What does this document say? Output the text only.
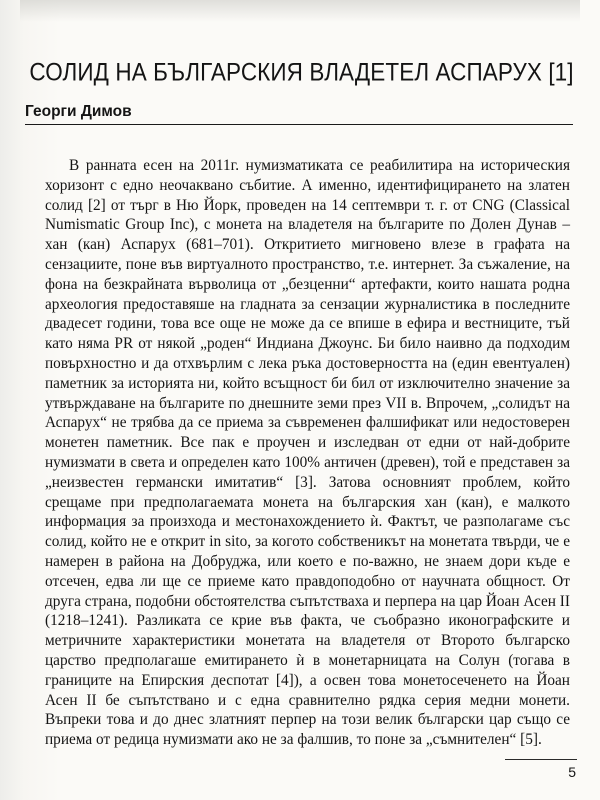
СОЛИД НА БЪЛГАРСКИЯ ВЛАДЕТЕЛ АСПАРУХ [1]
Георги Димов

В ранната есен на 2011г. нумизматиката се реабилитира на историческия хоризонт с едно неочаквано събитие. А именно, идентифицирането на златен солид [2] от търг в Ню Йорк, проведен на 14 септември т. г. от CNG (Classical Numismatic Group Inc), с монета на владетеля на българите по Долен Дунав – хан (кан) Аспарух (681–701). Откритието мигновено влезе в графата на сензациите, поне във виртуалното пространство, т.е. интернет. За съжаление, на фона на безкрайната върволица от „безценни“ артефакти, които нашата родна археология предоставяше на гладната за сензации журналистика в последните двадесет години, това все още не може да се впише в ефира и вестниците, тъй като няма PR от някой „роден“ Индиана Джоунс. Би било наивно да подходим повърхностно и да отхвърлим с лека ръка достоверността на (един евентуален) паметник за историята ни, който всъщност би бил от изключително значение за утвърждаване на българите по днешните земи през VII в. Впрочем, „солидът на Аспарух“ не трябва да се приема за съвременен фалшификат или недостоверен монетен паметник. Все пак е проучен и изследван от едни от най-добрите нумизмати в света и определен като 100% античен (древен), той е представен за „неизвестен германски имитатив“ [3]. Затова основният проблем, който срещаме при предполагаемата монета на българския хан (кан), е малкото информация за произхода и местонахождението ѝ. Фактът, че разполагаме със солид, който не е открит in sito, за когото собственикът на монетата твърди, че е намерен в района на Добруджа, или което е по-важно, не знаем дори къде е отсечен, едва ли ще се приеме като правдоподобно от научната общност. От друга страна, подобни обстоятелства съпътстваха и перпера на цар Йоан Асен II (1218–1241). Разликата се крие във факта, че съобразно иконографските и метричните характеристики монетата на владетеля от Второто българско царство предполагаше емитирането ѝ в монетарницата на Солун (тогава в границите на Епирския деспотат [4]), а освен това монетосеченето на Йоан Асен II бе съпътствано и с една сравнително рядка серия медни монети. Въпреки това и до днес златният перпер на този велик български цар също се приема от редица нумизмати ако не за фалшив, то поне за „съмнителен“ [5].

5
